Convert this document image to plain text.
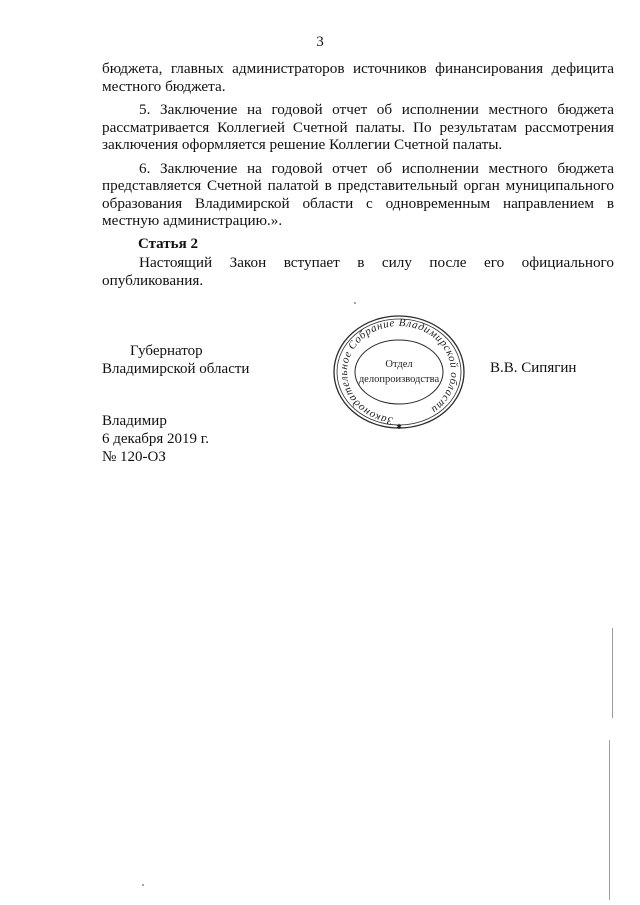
3

бюджета, главных администраторов источников финансирования дефицита местного бюджета.

5. Заключение на годовой отчет об исполнении местного бюджета рассматривается Коллегией Счетной палаты. По результатам рассмотрения заключения оформляется решение Коллегии Счетной палаты.

6. Заключение на годовой отчет об исполнении местного бюджета представляется Счетной палатой в представительный орган муниципального образования Владимирской области с одновременным направлением в местную администрацию.».

Статья 2

Настоящий Закон вступает в силу после его официального опубликования.

Губернатор
Владимирской области
Законодательное Собрание Владимирской области
Отдел
делопроизводства
✱
В.В. Сипягин
Владимир
6 декабря 2019 г.
№ 120-ОЗ
